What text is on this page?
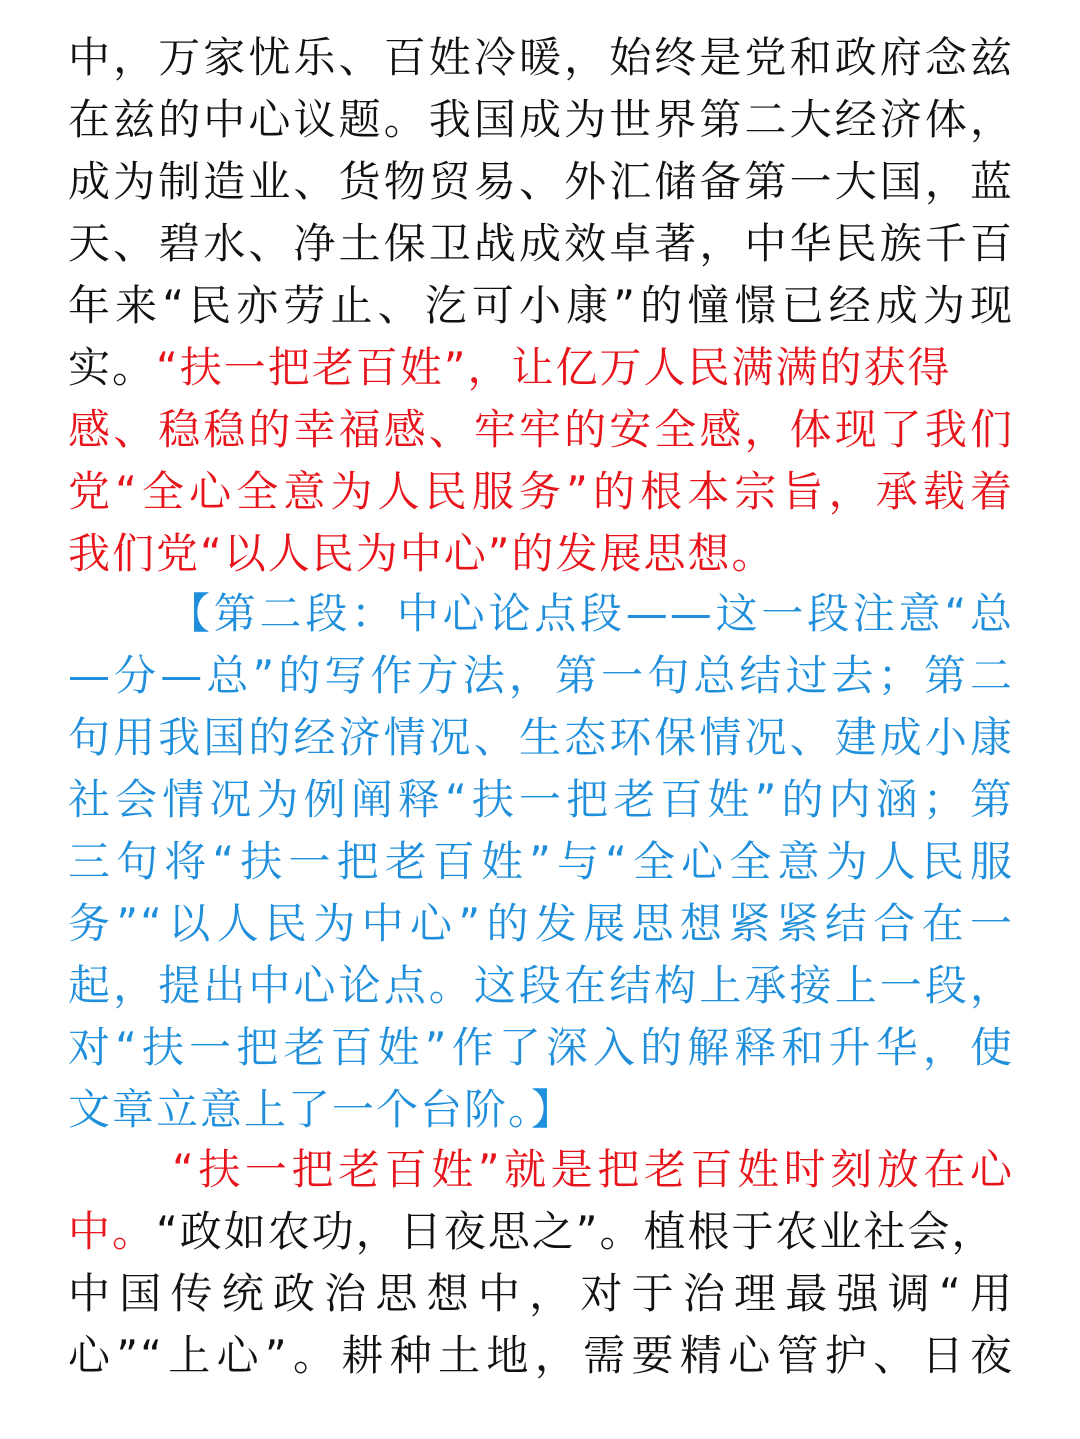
中，万家忧乐、百姓冷暖，始终是党和政府念兹
在兹的中心议题。我国成为世界第二大经济体，
成为制造业、货物贸易、外汇储备第一大国，蓝
天、碧水、净土保卫战成效卓著，中华民族千百
年来“民亦劳止、汔可小康”的憧憬已经成为现
实。“扶一把老百姓”，让亿万人民满满的获得
感、稳稳的幸福感、牢牢的安全感，体现了我们
党“全心全意为人民服务”的根本宗旨，承载着
我们党“以人民为中心”的发展思想。
【第二段：中心论点段——这一段注意“总
—分—总”的写作方法，第一句总结过去；第二
句用我国的经济情况、生态环保情况、建成小康
社会情况为例阐释“扶一把老百姓”的内涵；第
三句将“扶一把老百姓”与“全心全意为人民服
务”“以人民为中心”的发展思想紧紧结合在一
起，提出中心论点。这段在结构上承接上一段，
对“扶一把老百姓”作了深入的解释和升华，使
文章立意上了一个台阶。】
“扶一把老百姓”就是把老百姓时刻放在心
中。“政如农功，日夜思之”。植根于农业社会，
中国传统政治思想中，对于治理最强调“用
心”“上心”。耕种土地，需要精心管护、日夜
